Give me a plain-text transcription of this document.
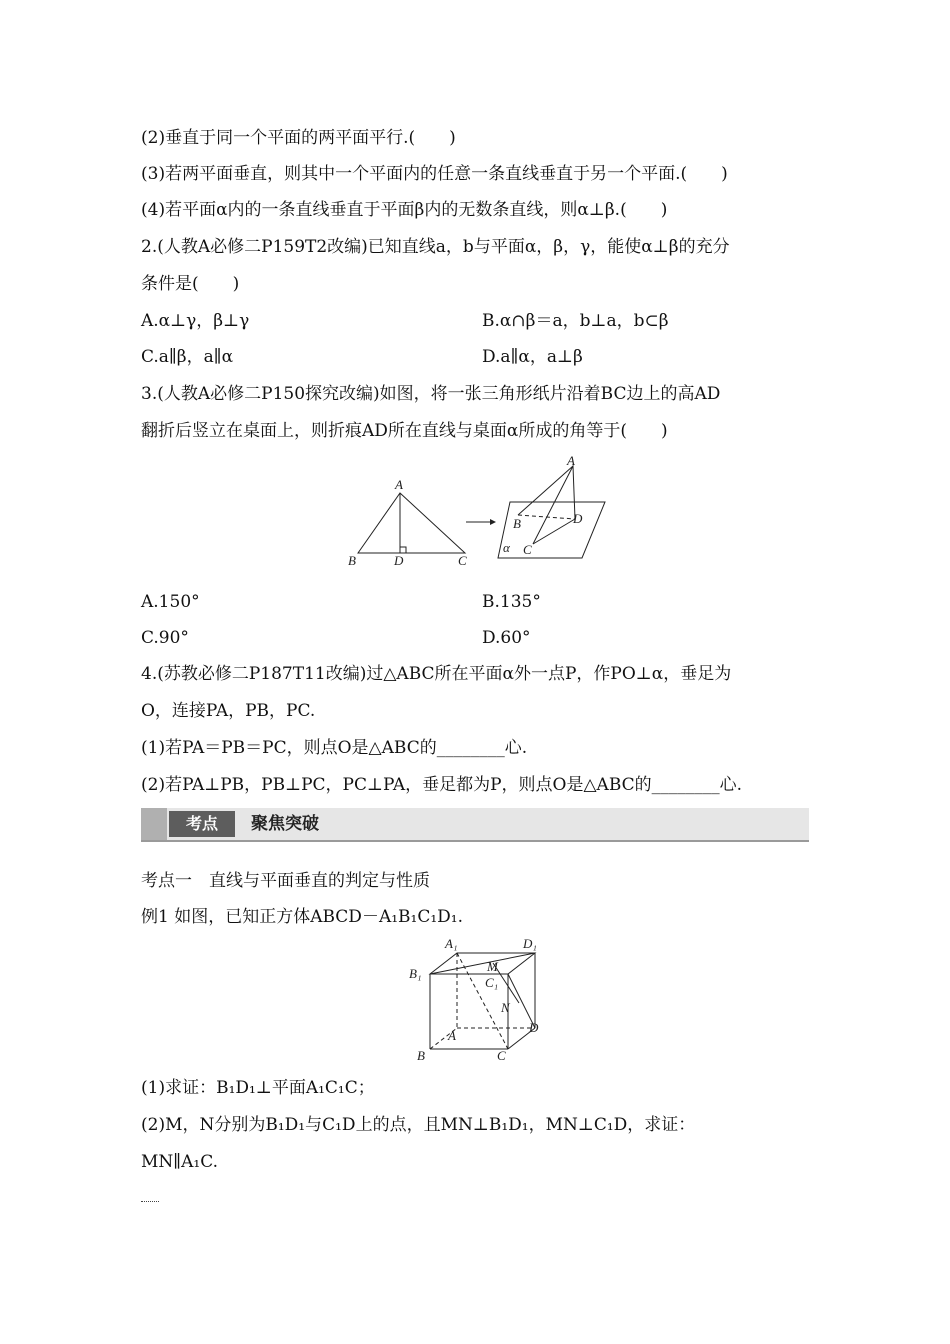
(2)垂直于同一个平面的两平面平行.(　　)
(3)若两平面垂直，则其中一个平面内的任意一条直线垂直于另一个平面.(　　)
(4)若平面α内的一条直线垂直于平面β内的无数条直线，则α⊥β.(　　)
2.(人教A必修二P159T2改编)已知直线a，b与平面α，β，γ，能使α⊥β的充分
条件是(　　)
A.α⊥γ，β⊥γ	B.α∩β＝a，b⊥a，b⊂β
C.a∥β，a∥α	D.a∥α，a⊥β
3.(人教A必修二P150探究改编)如图，将一张三角形纸片沿着BC边上的高AD
翻折后竖立在桌面上，则折痕AD所在直线与桌面α所成的角等于(　　)
A
B	D	C
A
B	D
C
α
A.150°	B.135°
C.90°	D.60°
4.(苏教必修二P187T11改编)过△ABC所在平面α外一点P，作PO⊥α，垂足为
O，连接PA，PB，PC.
(1)若PA＝PB＝PC，则点O是△ABC的________心.
(2)若PA⊥PB，PB⊥PC，PC⊥PA，垂足都为P，则点O是△ABC的________心.
考点	聚焦突破
考点一　直线与平面垂直的判定与性质
例1 如图，已知正方体ABCD－A₁B₁C₁D₁.
A₁	D₁
B₁	M
C₁
N
A
D
B	C
(1)求证：B₁D₁⊥平面A₁C₁C；
(2)M，N分别为B₁D₁与C₁D上的点，且MN⊥B₁D₁，MN⊥C₁D，求证：
MN∥A₁C.
